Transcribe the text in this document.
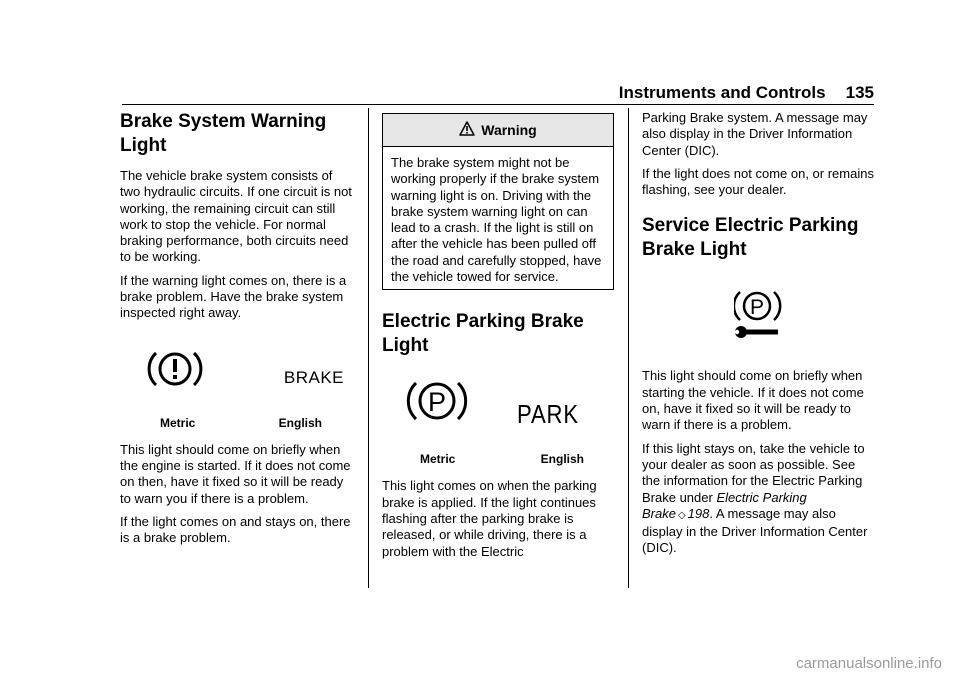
Instruments and Controls 135
Brake System Warning Light

The vehicle brake system consists of two hydraulic circuits. If one circuit is not working, the remaining circuit can still work to stop the vehicle. For normal braking performance, both circuits need to be working.

If the warning light comes on, there is a brake problem. Have the brake system inspected right away.

BRAKE
Metric	English

This light should come on briefly when the engine is started. If it does not come on then, have it fixed so it will be ready to warn you if there is a problem.

If the light comes on and stays on, there is a brake problem.

Warning

The brake system might not be working properly if the brake system warning light is on. Driving with the brake system warning light on can lead to a crash. If the light is still on after the vehicle has been pulled off the road and carefully stopped, have the vehicle towed for service.

Electric Parking Brake Light
P	PARK
Metric	English

This light comes on when the parking brake is applied. If the light continues flashing after the parking brake is released, or while driving, there is a problem with the Electric

Parking Brake system. A message may also display in the Driver Information Center (DIC).

If the light does not come on, or remains flashing, see your dealer.

Service Electric Parking Brake Light
P

This light should come on briefly when starting the vehicle. If it does not come on, have it fixed so it will be ready to warn if there is a problem.

If this light stays on, take the vehicle to your dealer as soon as possible. See the information for the Electric Parking Brake under Electric Parking Brake ◇ 198. A message may also display in the Driver Information Center (DIC).

carmanualsonline.info
